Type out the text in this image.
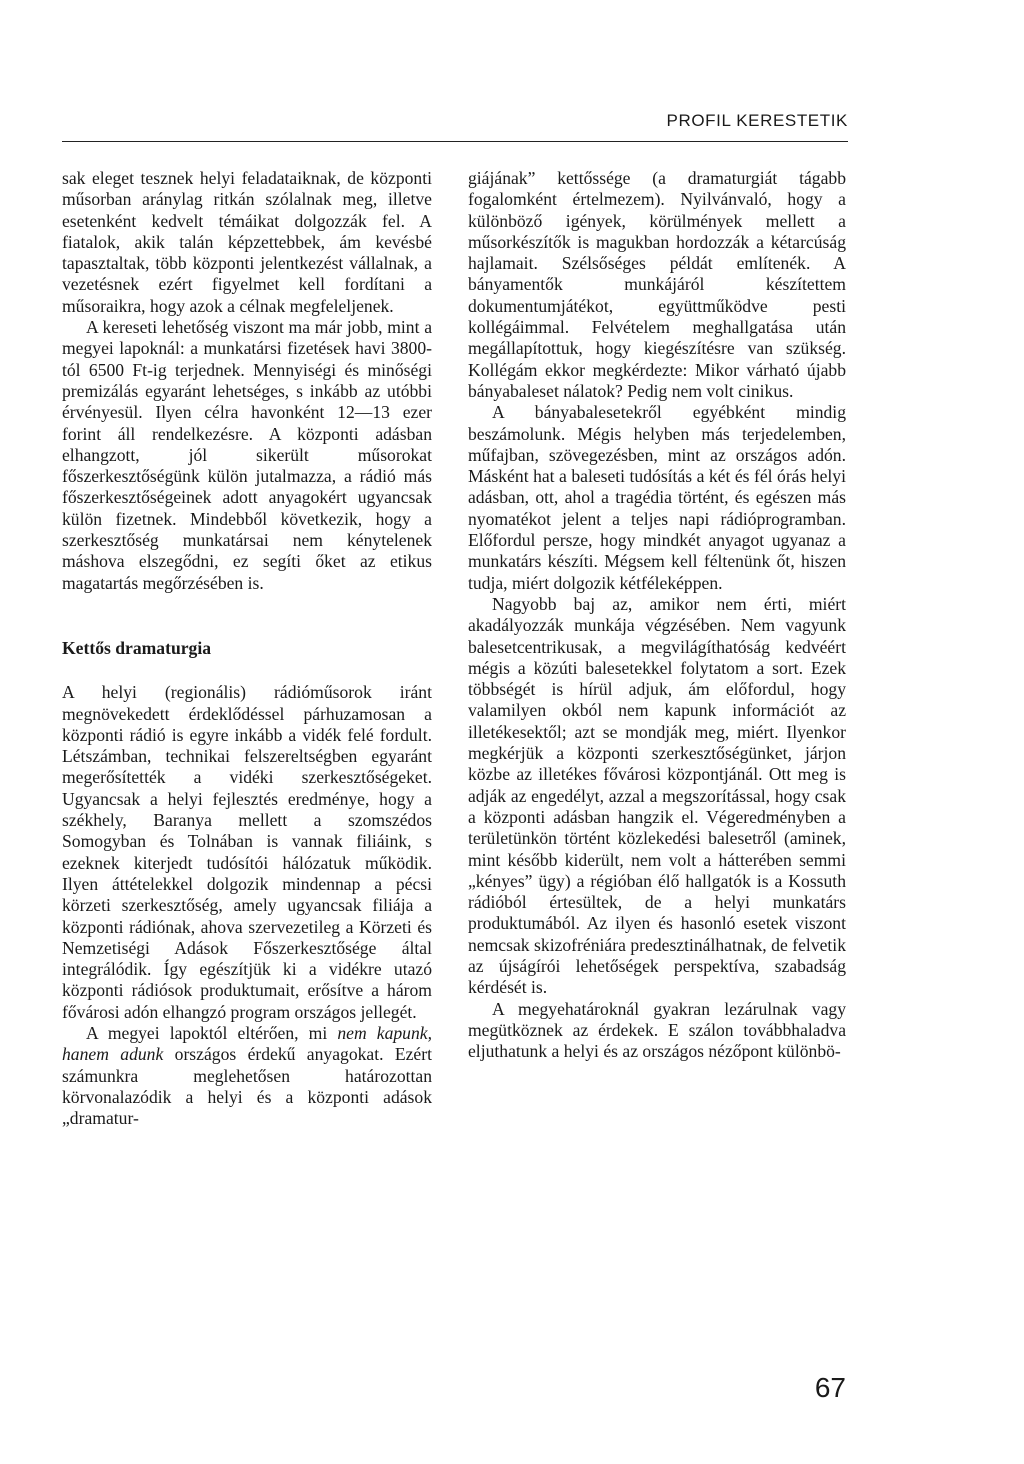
PROFIL KERESTETIK

sak eleget tesznek helyi feladataiknak, de központi műsorban aránylag ritkán szólalnak meg, illetve esetenként kedvelt témáikat dolgozzák fel. A fiatalok, akik talán képzettebbek, ám kevésbé tapasztaltak, több központi jelentkezést vállalnak, a vezetésnek ezért figyelmet kell fordítani a műsoraikra, hogy azok a célnak megfeleljenek.

A kereseti lehetőség viszont ma már jobb, mint a megyei lapoknál: a munkatársi fizetések havi 3800-tól 6500 Ft-ig terjednek. Mennyiségi és minőségi premizálás egyaránt lehetséges, s inkább az utóbbi érvényesül. Ilyen célra havonként 12—13 ezer forint áll rendelkezésre. A központi adásban elhangzott, jól sikerült műsorokat főszerkesztőségünk külön jutalmazza, a rádió más főszerkesztőségeinek adott anyagokért ugyancsak külön fizetnek. Mindebből következik, hogy a szerkesztőség munkatársai nem kénytelenek máshova elszegődni, ez segíti őket az etikus magatartás megőrzésében is.

Kettős dramaturgia

A helyi (regionális) rádióműsorok iránt megnövekedett érdeklődéssel párhuzamosan a központi rádió is egyre inkább a vidék felé fordult. Létszámban, technikai felszereltségben egyaránt megerősítették a vidéki szerkesztőségeket. Ugyancsak a helyi fejlesztés eredménye, hogy a székhely, Baranya mellett a szomszédos Somogyban és Tolnában is vannak filiáink, s ezeknek kiterjedt tudósítói hálózatuk működik. Ilyen áttételekkel dolgozik mindennap a pécsi körzeti szerkesztőség, amely ugyancsak filiája a központi rádiónak, ahova szervezetileg a Körzeti és Nemzetiségi Adások Főszerkesztősége által integrálódik. Így egészítjük ki a vidékre utazó központi rádiósok produktumait, erősítve a három fővárosi adón elhangzó program országos jellegét.

A megyei lapoktól eltérően, mi nem kapunk, hanem adunk országos érdekű anyagokat. Ezért számunkra meglehetősen határozottan körvonalazódik a helyi és a központi adások „dramatur-

giájának” kettőssége (a dramaturgiát tágabb fogalomként értelmezem). Nyilvánvaló, hogy a különböző igények, körülmények mellett a műsorkészítők is magukban hordozzák a kétarcúság hajlamait. Szélsőséges példát említenék. A bányamentők munkájáról készítettem dokumentumjátékot, együttműködve pesti kollégáimmal. Felvételem meghallgatása után megállapítottuk, hogy kiegészítésre van szükség. Kollégám ekkor megkérdezte: Mikor várható újabb bányabaleset nálatok? Pedig nem volt cinikus.

A bányabalesetekről egyébként mindig beszámolunk. Mégis helyben más terjedelemben, műfajban, szövegezésben, mint az országos adón. Másként hat a baleseti tudósítás a két és fél órás helyi adásban, ott, ahol a tragédia történt, és egészen más nyomatékot jelent a teljes napi rádióprogramban. Előfordul persze, hogy mindkét anyagot ugyanaz a munkatárs készíti. Mégsem kell féltenünk őt, hiszen tudja, miért dolgozik kétféleképpen.

Nagyobb baj az, amikor nem érti, miért akadályozzák munkája végzésében. Nem vagyunk balesetcentrikusak, a megvilágíthatóság kedvéért mégis a közúti balesetekkel folytatom a sort. Ezek többségét is hírül adjuk, ám előfordul, hogy valamilyen okból nem kapunk információt az illetékesektől; azt se mondják meg, miért. Ilyenkor megkérjük a központi szerkesztőségünket, járjon közbe az illetékes fővárosi központjánál. Ott meg is adják az engedélyt, azzal a megszorítással, hogy csak a központi adásban hangzik el. Végeredményben a területünkön történt közlekedési balesetről (aminek, mint később kiderült, nem volt a hátterében semmi „kényes” ügy) a régióban élő hallgatók is a Kossuth rádióból értesültek, de a helyi munkatárs produktumából. Az ilyen és hasonló esetek viszont nemcsak skizofréniára predesztinálhatnak, de felvetik az újságírói lehetőségek perspektíva, szabadság kérdését is.

A megyehatároknál gyakran lezárulnak vagy megütköznek az érdekek. E szálon továbbhaladva eljuthatunk a helyi és az országos nézőpont különbö-

67
